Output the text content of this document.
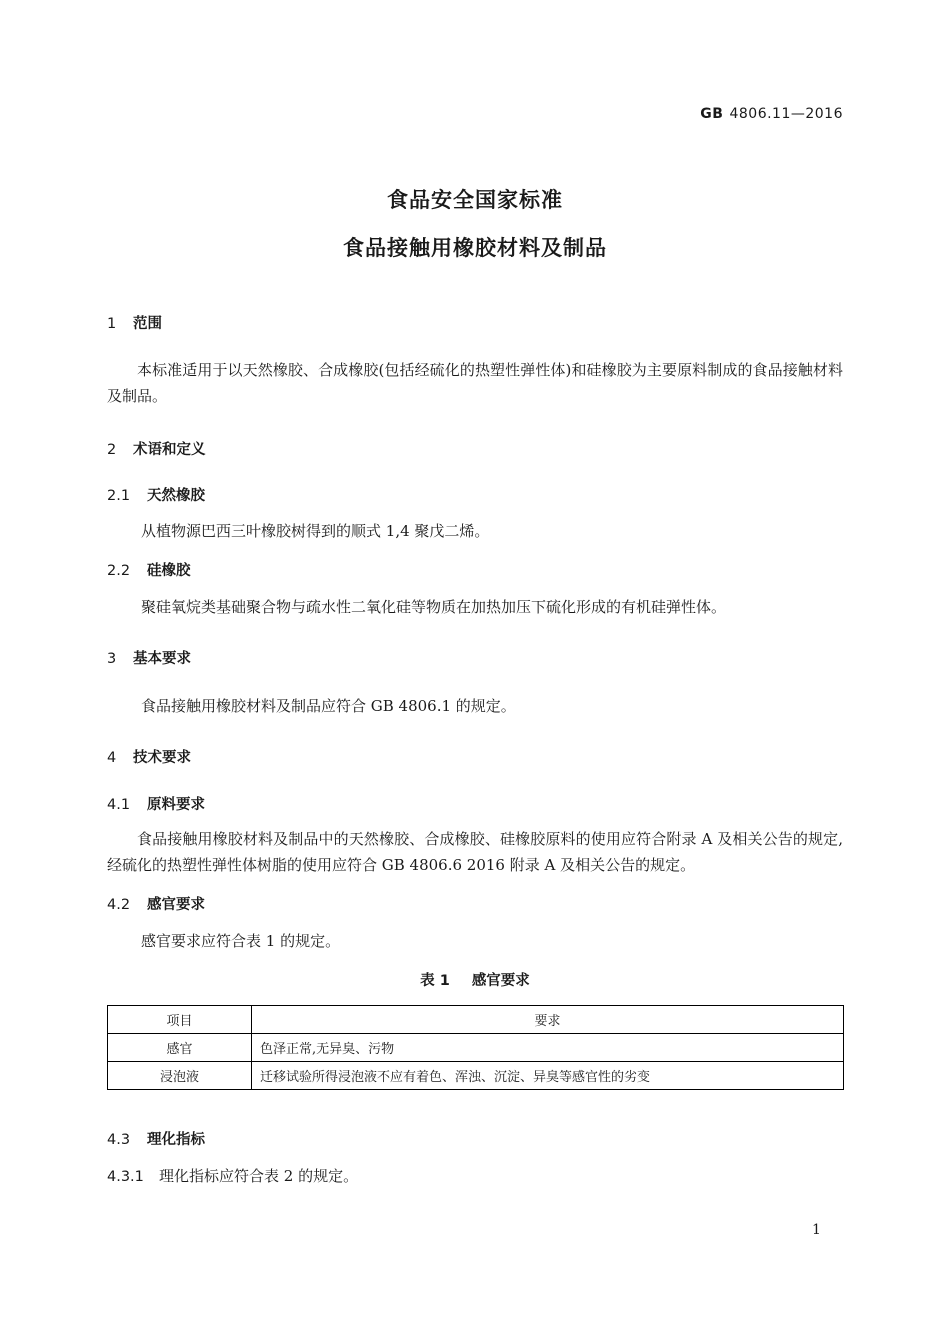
GB 4806.11—2016
食品安全国家标准
食品接触用橡胶材料及制品
1 范围
本标准适用于以天然橡胶、合成橡胶(包括经硫化的热塑性弹性体)和硅橡胶为主要原料制成的食品接触材料及制品。
2 术语和定义
2.1 天然橡胶
从植物源巴西三叶橡胶树得到的顺式 1,4 聚戊二烯。
2.2 硅橡胶
聚硅氧烷类基础聚合物与疏水性二氧化硅等物质在加热加压下硫化形成的有机硅弹性体。
3 基本要求
食品接触用橡胶材料及制品应符合 GB 4806.1 的规定。
4 技术要求
4.1 原料要求
食品接触用橡胶材料及制品中的天然橡胶、合成橡胶、硅橡胶原料的使用应符合附录 A 及相关公告的规定,经硫化的热塑性弹性体树脂的使用应符合 GB 4806.6 2016 附录 A 及相关公告的规定。
4.2 感官要求
感官要求应符合表 1 的规定。
表 1 感官要求
项目	要求
感官	色泽正常,无异臭、污物
浸泡液	迁移试验所得浸泡液不应有着色、浑浊、沉淀、异臭等感官性的劣变
4.3 理化指标
4.3.1 理化指标应符合表 2 的规定。
1
